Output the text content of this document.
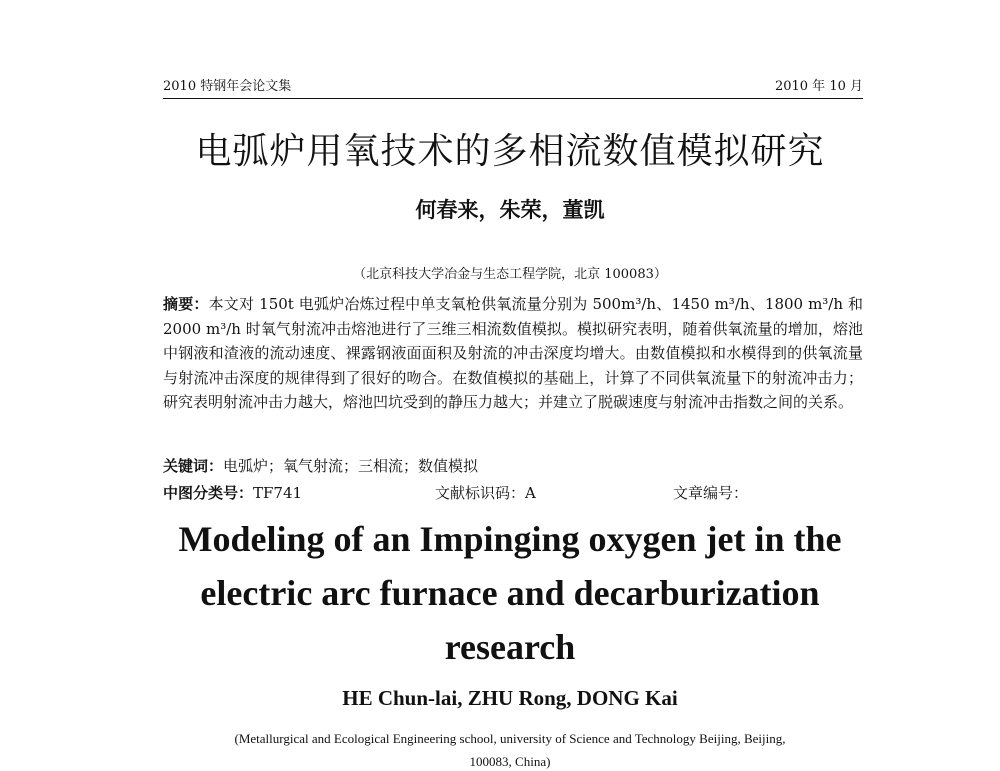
2010 特钢年会论文集	2010 年 10 月
电弧炉用氧技术的多相流数值模拟研究
何春来，朱荣，董凯
（北京科技大学冶金与生态工程学院，北京 100083）
摘要：本文对 150t 电弧炉冶炼过程中单支氧枪供氧流量分别为 500m³/h、1450 m³/h、1800 m³/h 和 2000 m³/h 时氧气射流冲击熔池进行了三维三相流数值模拟。模拟研究表明，随着供氧流量的增加，熔池中钢液和渣液的流动速度、裸露钢液面面积及射流的冲击深度均增大。由数值模拟和水模得到的供氧流量与射流冲击深度的规律得到了很好的吻合。在数值模拟的基础上，计算了不同供氧流量下的射流冲击力；研究表明射流冲击力越大，熔池凹坑受到的静压力越大；并建立了脱碳速度与射流冲击指数之间的关系。
关键词：电弧炉；氧气射流；三相流；数值模拟
中图分类号：TF741	文献标识码：A	文章编号：
Modeling of an Impinging oxygen jet in the
electric arc furnace and decarburization
research
HE Chun-lai, ZHU Rong, DONG Kai
(Metallurgical and Ecological Engineering school, university of Science and Technology Beijing, Beijing,
100083, China)
